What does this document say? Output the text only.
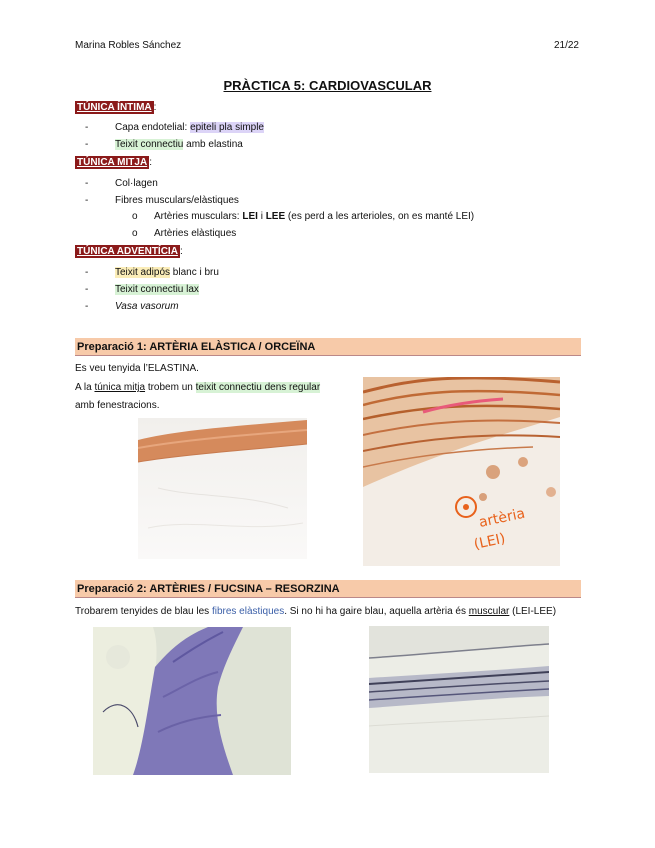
Marina Robles Sánchez	21/22
PRÀCTICA 5: CARDIOVASCULAR
TÚNICA ÍNTIMA :
-	Capa endotelial: epiteli pla simple
-	Teixit connectiu amb elastina
TÚNICA MITJA :
-	Col·lagen
-	Fibres musculars/elàstiques
o Artèries musculars: LEI i LEE (es perd a les arterioles, on es manté LEI)
o Artèries elàstiques
TÚNICA ADVENTÍCIA :
-	Teixit adipós blanc i bru
-	Teixit connectiu lax
-	Vasa vasorum
Preparació 1: ARTÈRIA ELÀSTICA / ORCEÏNA
Es veu tenyida l’ELASTINA.
A la túnica mitja trobem un teixit connectiu dens regular
amb fenestracions.
artèria
(LEI)
Preparació 2: ARTÈRIES / FUCSINA – RESORZINA
Trobarem tenyides de blau les fibres elàstiques. Si no hi ha gaire blau, aquella artèria és muscular (LEI-LEE)
